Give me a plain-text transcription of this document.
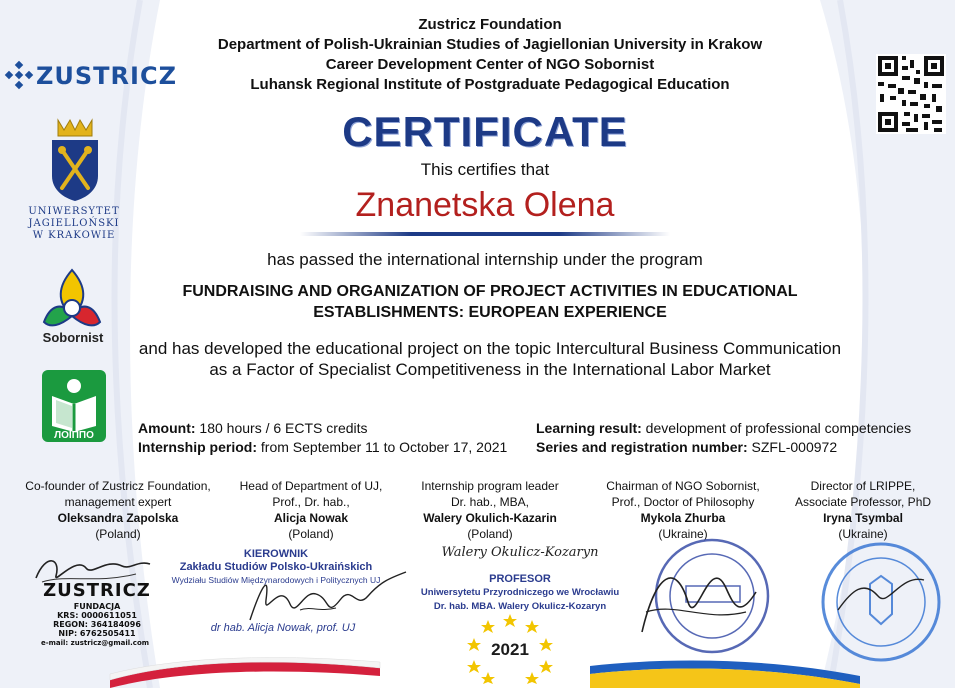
Zustricz Foundation
Department of Polish-Ukrainian Studies of Jagiellonian University in Krakow
Career Development Center of NGO Sobornist
Luhansk Regional Institute of Postgraduate Pedagogical Education
ZUSTRICZ
UNIWERSYTET
JAGIELLOŃSKI
W KRAKOWIE
Sobornist
ЛОІППО
CERTIFICATE
This certifies that
Znanetska Olena
has passed the international internship under the program
FUNDRAISING AND ORGANIZATION OF PROJECT ACTIVITIES IN EDUCATIONAL
ESTABLISHMENTS: EUROPEAN EXPERIENCE
and has developed the educational project on the topic Intercultural Business Communication
as a Factor of Specialist Competitiveness in the International Labor Market
Amount: 180 hours / 6 ECTS credits
Internship period: from September 11 to October 17, 2021
Learning result: development of professional competencies
Series and registration number: SZFL-000972
Co-founder of Zustricz Foundation,
management expert
Oleksandra Zapolska
(Poland)
Head of Department of UJ,
Prof., Dr. hab.,
Alicja Nowak
(Poland)
Internship program leader
Dr. hab., MBA,
Walery Okulich-Kazarin
(Poland)
Chairman of NGO Sobornist,
Prof., Doctor of Philosophy
Mykola Zhurba
(Ukraine)
Director of LRIPPE,
Associate Professor, PhD
Iryna Tsymbal
(Ukraine)
ZUSTRICZ
FUNDACJA
KRS: 0000611051
REGON: 364184096
NIP: 6762505411
e-mail: zustricz@gmail.com
KIEROWNIK
Zakładu Studiów Polsko-Ukraińskich
Wydziału Studiów Międzynarodowych i Politycznych UJ
dr hab. Alicja Nowak, prof. UJ
Walery Okulicz-Kozaryn
PROFESOR
Uniwersytetu Przyrodniczego we Wrocławiu
Dr. hab. MBA. Walery Okulicz-Kozaryn
2021
